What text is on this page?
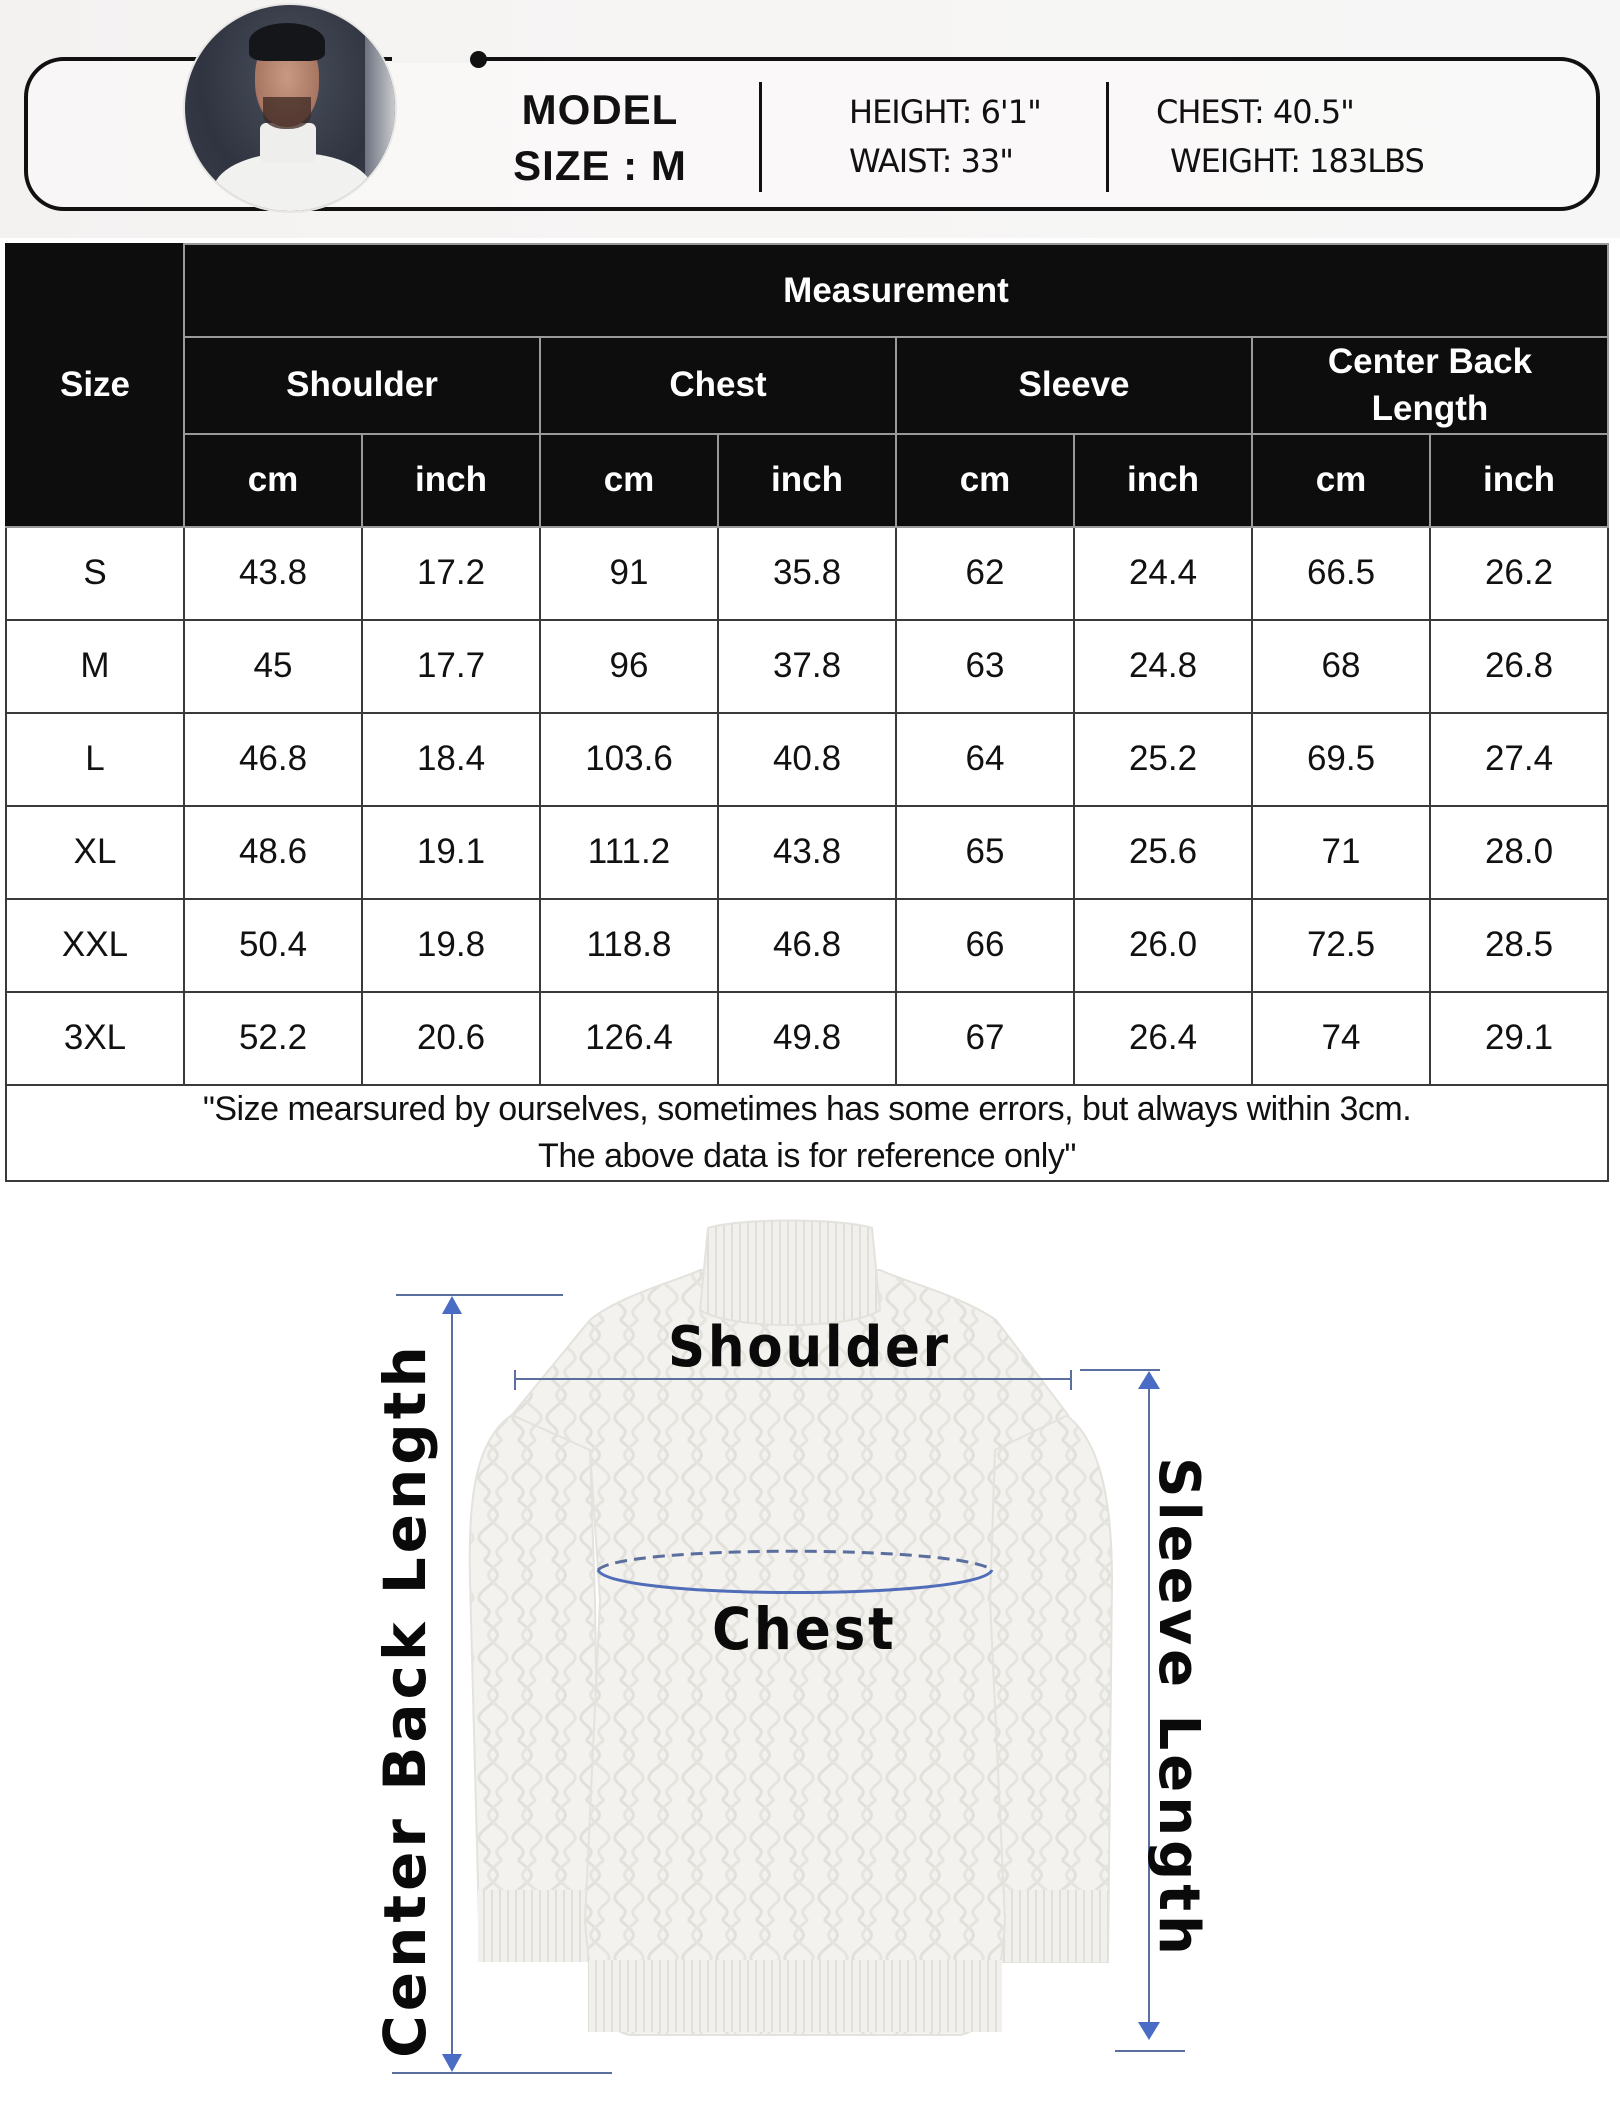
MODEL
SIZE : M
HEIGHT: 6'1"
WAIST: 33"
CHEST: 40.5"
WEIGHT: 183LBS
Size	Measurement							
	Shoulder		Chest		Sleeve		Center Back Length	
	cm	inch	cm	inch	cm	inch	cm	inch
S	43.8	17.2	91	35.8	62	24.4	66.5	26.2
M	45	17.7	96	37.8	63	24.8	68	26.8
L	46.8	18.4	103.6	40.8	64	25.2	69.5	27.4
XL	48.6	19.1	111.2	43.8	65	25.6	71	28.0
XXL	50.4	19.8	118.8	46.8	66	26.0	72.5	28.5
3XL	52.2	20.6	126.4	49.8	67	26.4	74	29.1

"Size mearsured by ourselves, sometimes has some errors, but always within 3cm.
The above data is for reference only"								
Shoulder
Chest
Center Back Length	Sleeve Length
